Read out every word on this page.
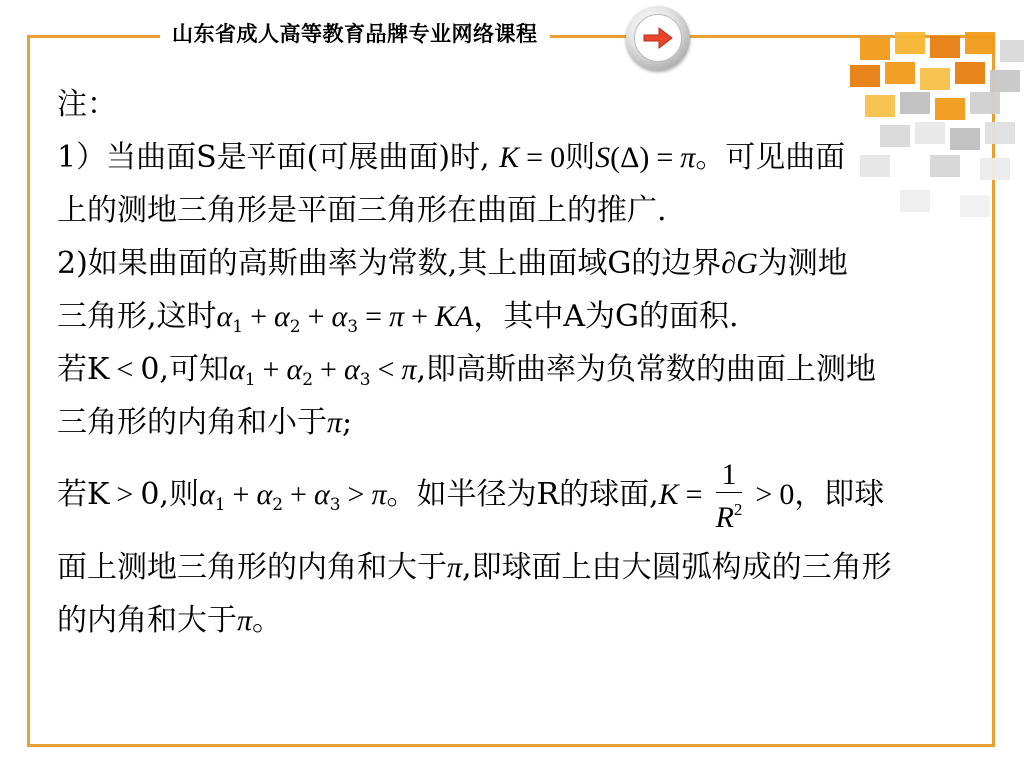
山东省成人高等教育品牌专业网络课程
注：
1）当曲面S是平面(可展曲面)时, K = 0则S(Δ) = π。可见曲面
上的测地三角形是平面三角形在曲面上的推广.
2)如果曲面的高斯曲率为常数,其上曲面域G的边界∂G为测地
三角形,这时$\alpha_1 + \alpha_2 + \alpha_3 = \pi$ + KA，其中A为G的面积.
若K < 0,可知$\alpha_1 + \alpha_2 + \alpha_3 < \pi$,即高斯曲率为负常数的曲面上测地
三角形的内角和小于π;
若K > 0,则$\alpha_1 + \alpha_2 + \alpha_3 > \pi$。如半径为R的球面$,K = \frac{1}{R^2} > 0$，即球
面上测地三角形的内角和大于π,即球面上由大圆弧构成的三角形
的内角和大于π。
